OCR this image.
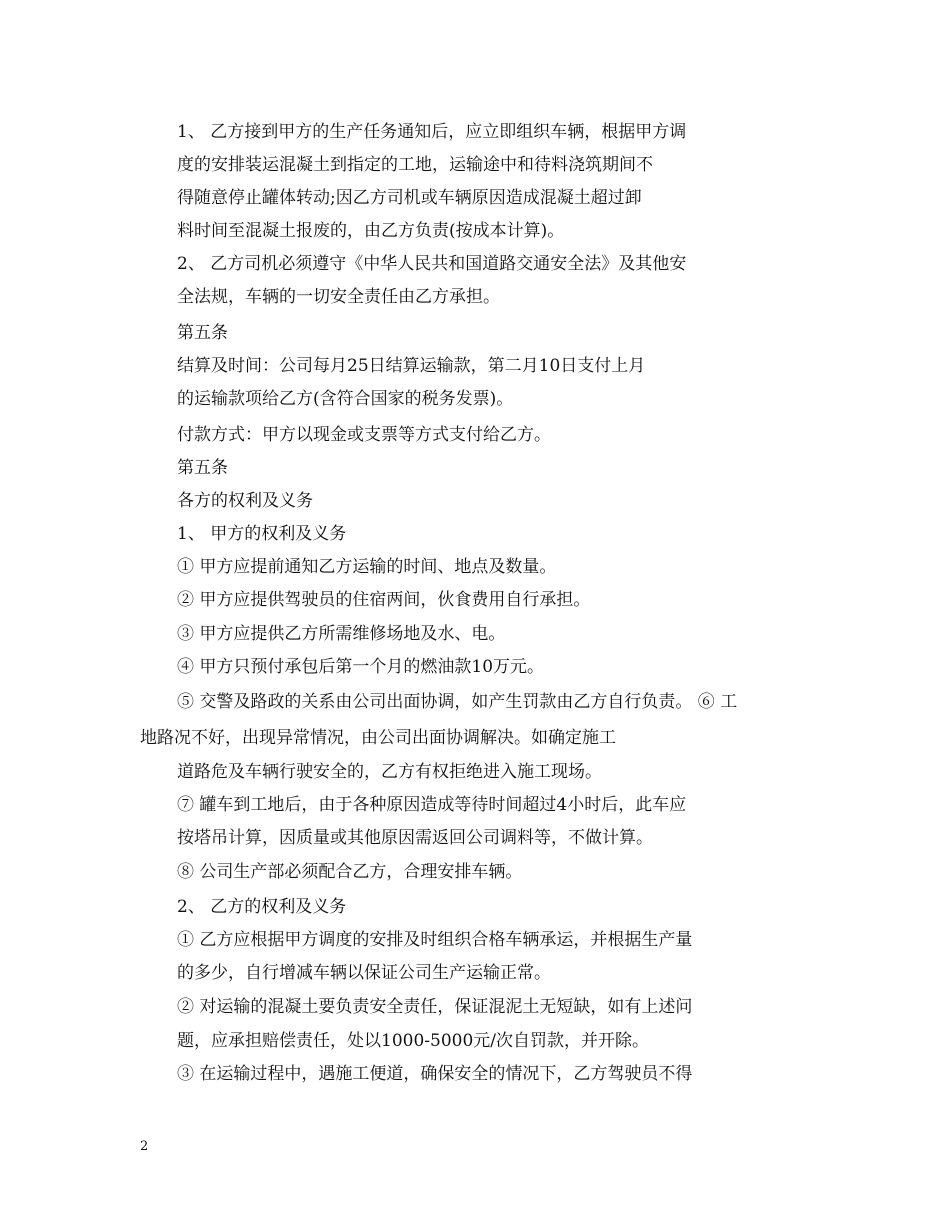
1、 乙方接到甲方的生产任务通知后，应立即组织车辆，根据甲方调
度的安排装运混凝土到指定的工地，运输途中和待料浇筑期间不
得随意停止罐体转动;因乙方司机或车辆原因造成混凝土超过卸
料时间至混凝土报废的，由乙方负责(按成本计算)。
2、 乙方司机必须遵守《中华人民共和国道路交通安全法》及其他安
全法规，车辆的一切安全责任由乙方承担。
第五条
结算及时间：公司每月25日结算运输款，第二月10日支付上月
的运输款项给乙方(含符合国家的税务发票)。
付款方式：甲方以现金或支票等方式支付给乙方。
第五条
各方的权利及义务
1、 甲方的权利及义务
① 甲方应提前通知乙方运输的时间、地点及数量。
② 甲方应提供驾驶员的住宿两间，伙食费用自行承担。
③ 甲方应提供乙方所需维修场地及水、电。
④ 甲方只预付承包后第一个月的燃油款10万元。
⑤ 交警及路政的关系由公司出面协调，如产生罚款由乙方自行负责。 ⑥ 工
地路况不好，出现异常情况，由公司出面协调解决。如确定施工
道路危及车辆行驶安全的，乙方有权拒绝进入施工现场。
⑦ 罐车到工地后，由于各种原因造成等待时间超过4小时后，此车应
按塔吊计算，因质量或其他原因需返回公司调料等，不做计算。
⑧ 公司生产部必须配合乙方，合理安排车辆。
2、 乙方的权利及义务
① 乙方应根据甲方调度的安排及时组织合格车辆承运，并根据生产量
的多少，自行增减车辆以保证公司生产运输正常。
② 对运输的混凝土要负责安全责任，保证混泥土无短缺，如有上述问
题，应承担赔偿责任，处以1000-5000元/次自罚款，并开除。
③ 在运输过程中，遇施工便道，确保安全的情况下，乙方驾驶员不得
2
